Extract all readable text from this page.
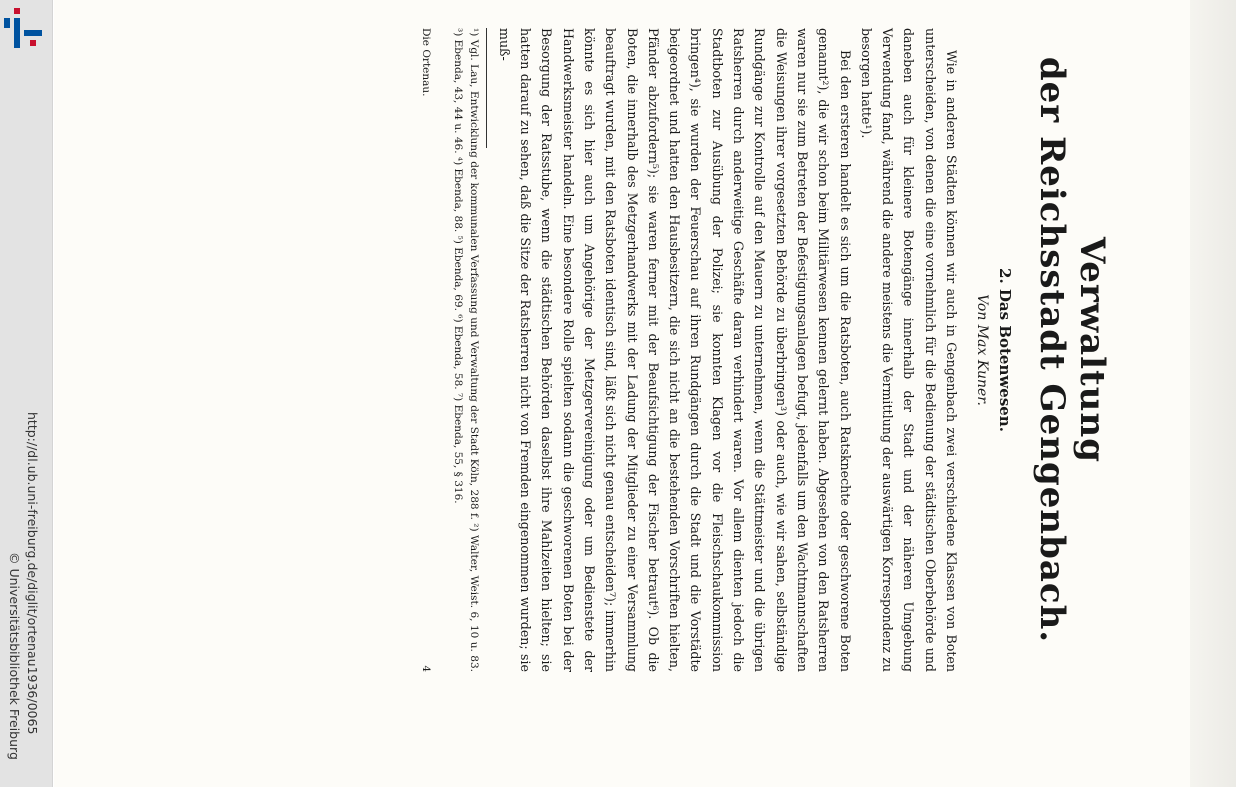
http://dl.ub.uni-freiburg.de/diglit/ortenau1936/0065
© Universitätsbibliothek Freiburg
Verwaltung
der Reichsstadt Gengenbach.
2. Das Botenwesen.
Von Max Kuner.

Wie in anderen Städten können wir auch in Gengenbach zwei verschiedene Klassen von Boten unterscheiden, von denen die eine vornehmlich für die Bedienung der städtischen Oberbehörde und daneben auch für kleinere Botengänge innerhalb der Stadt und der näheren Umgebung Verwendung fand, während die andere meistens die Vermittlung der auswärtigen Korrespondenz zu besorgen hatte¹).

Bei den ersteren handelt es sich um die Ratsboten, auch Ratsknechte oder geschworene Boten genannt²), die wir schon beim Militärwesen kennen gelernt haben. Abgesehen von den Ratsherren waren nur sie zum Betreten der Befestigungsanlagen befugt, jedenfalls um den Wachtmannschaften die Weisungen ihrer vorgesetzten Behörde zu überbringen³) oder auch, wie wir sahen, selbständige Rundgänge zur Kontrolle auf den Mauern zu unternehmen, wenn die Stättmeister und die übrigen Ratsherren durch anderweitige Geschäfte daran verhindert waren. Vor allem dienten jedoch die Stadtboten zur Ausübung der Polizei; sie konnten Klagen vor die Fleischschaukommission bringen⁴), sie wurden der Feuerschau auf ihren Rundgängen durch die Stadt und die Vorstädte beigeordnet und hatten den Hausbesitzern, die sich nicht an die bestehenden Vorschriften hielten, Pfänder abzufordern⁵); sie waren ferner mit der Beaufsichtigung der Fischer betraut⁶). Ob die Boten, die innerhalb des Metzgerhandwerks mit der Ladung der Mitglieder zu einer Versammlung beauftragt wurden, mit den Ratsboten identisch sind, läßt sich nicht genau entscheiden⁷); immerhin könnte es sich hier auch um Angehörige der Metzgervereinigung oder um Bedienstete der Handwerksmeister handeln. Eine besondere Rolle spielten sodann die geschworenen Boten bei der Besorgung der Ratsstube, wenn die städtischen Behörden daselbst ihre Mahlzeiten hielten; sie hatten darauf zu sehen, daß die Sitze der Ratsherren nicht von Fremden eingenommen wurden; sie muß-

¹) Vgl. Lau, Entwicklung der kommunalen Verfassung und Verwaltung der Stadt Köln, 288 f. ²) Walter, Weist. 6, 10 u. 83. ³) Ebenda, 43, 44 u. 46. ⁴) Ebenda, 88. ⁵) Ebenda, 69. ⁶) Ebenda, 58. ⁷) Ebenda, 55, § 316.
Die Ortenau.
4
